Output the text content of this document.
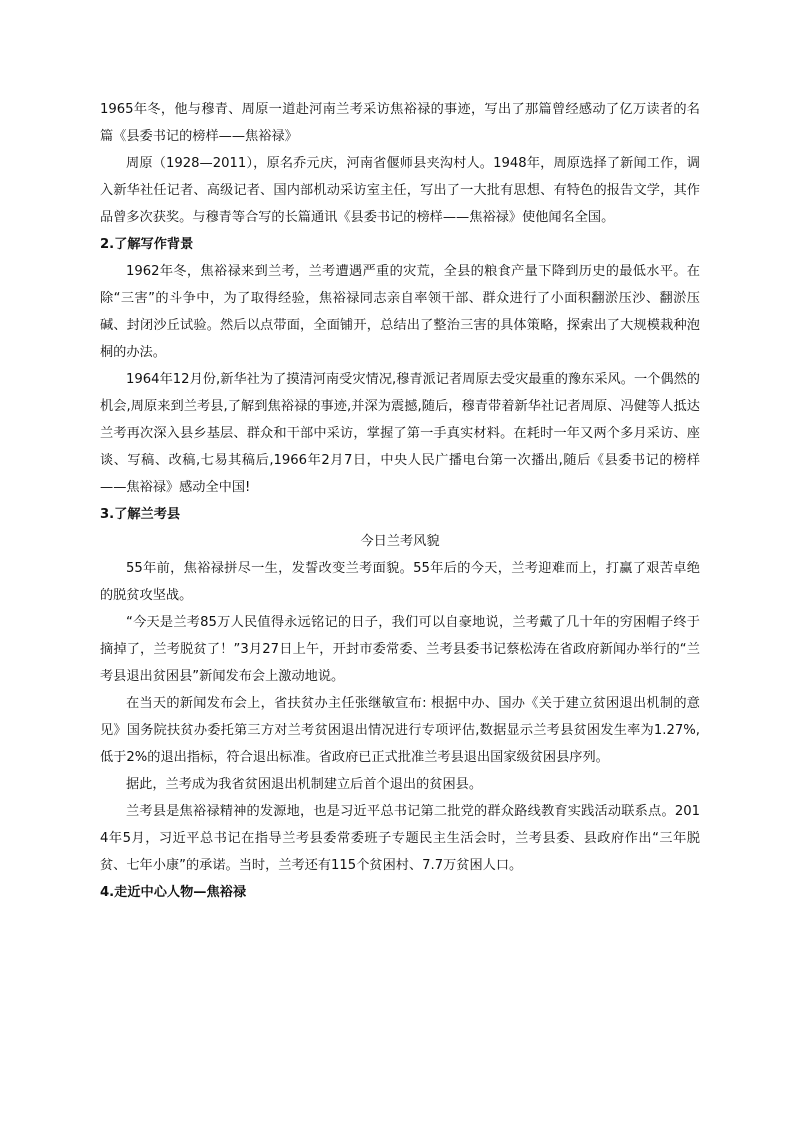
1965年冬，他与穆青、周原一道赴河南兰考采访焦裕禄的事迹，写出了那篇曾经感动了亿万读者的名篇《县委书记的榜样——焦裕禄》

周原（1928—2011），原名乔元庆，河南省偃师县夹沟村人。1948年，周原选择了新闻工作，调入新华社任记者、高级记者、国内部机动采访室主任，写出了一大批有思想、有特色的报告文学，其作品曾多次获奖。与穆青等合写的长篇通讯《县委书记的榜样——焦裕禄》使他闻名全国。

2.了解写作背景

1962年冬，焦裕禄来到兰考，兰考遭遇严重的灾荒，全县的粮食产量下降到历史的最低水平。在除“三害”的斗争中，为了取得经验，焦裕禄同志亲自率领干部、群众进行了小面积翻淤压沙、翻淤压碱、封闭沙丘试验。然后以点带面，全面铺开，总结出了整治三害的具体策略，探索出了大规模栽种泡桐的办法。

1964年12月份,新华社为了摸清河南受灾情况,穆青派记者周原去受灾最重的豫东采风。一个偶然的机会,周原来到兰考县,了解到焦裕禄的事迹,并深为震撼,随后，穆青带着新华社记者周原、冯健等人抵达兰考再次深入县乡基层、群众和干部中采访，掌握了第一手真实材料。在耗时一年又两个多月采访、座谈、写稿、改稿,七易其稿后,1966年2月7日，中央人民广播电台第一次播出,随后《县委书记的榜样——焦裕禄》感动全中国!

3.了解兰考县

今日兰考风貌

55年前，焦裕禄拼尽一生，发誓改变兰考面貌。55年后的今天，兰考迎难而上，打赢了艰苦卓绝的脱贫攻坚战。

“今天是兰考85万人民值得永远铭记的日子，我们可以自豪地说，兰考戴了几十年的穷困帽子终于摘掉了，兰考脱贫了！”3月27日上午，开封市委常委、兰考县委书记蔡松涛在省政府新闻办举行的“兰考县退出贫困县”新闻发布会上激动地说。

在当天的新闻发布会上，省扶贫办主任张继敏宣布: 根据中办、国办《关于建立贫困退出机制的意见》国务院扶贫办委托第三方对兰考贫困退出情况进行专项评估,数据显示兰考县贫困发生率为1.27%,低于2%的退出指标，符合退出标准。省政府已正式批准兰考县退出国家级贫困县序列。

据此，兰考成为我省贫困退出机制建立后首个退出的贫困县。

兰考县是焦裕禄精神的发源地，也是习近平总书记第二批党的群众路线教育实践活动联系点。2014年5月，习近平总书记在指导兰考县委常委班子专题民主生活会时，兰考县委、县政府作出“三年脱贫、七年小康”的承诺。当时，兰考还有115个贫困村、7.7万贫困人口。

4.走近中心人物—焦裕禄
